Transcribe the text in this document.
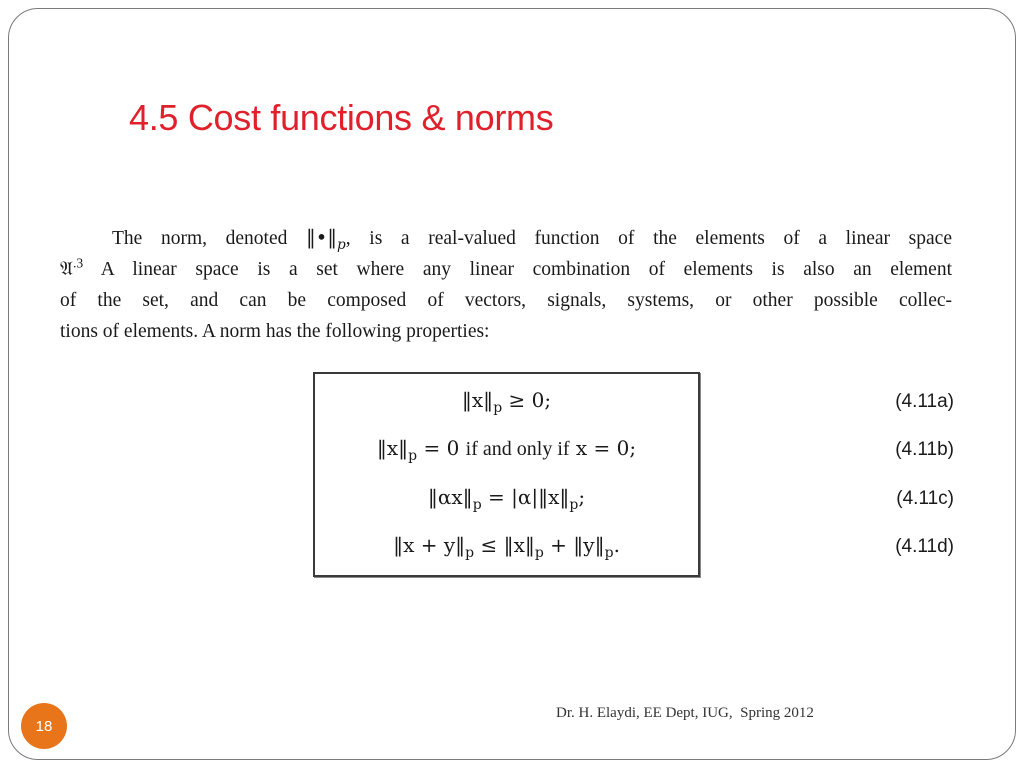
4.5 Cost functions & norms
The norm, denoted $‖•‖_p$, is a real-valued function of the elements of a linear space
𝔄$^{.3}$ A linear space is a set where any linear combination of elements is also an element
of the set, and can be composed of vectors, signals, systems, or other possible collec-
tions of elements. A norm has the following properties:
$‖x‖_p \ge 0$;	(4.11a)
$‖x‖_p = 0$ if and only if x = 0;	(4.11b)
$‖\alpha x‖_p$ = $|\alpha|‖x‖_p$;	(4.11c)
‖x + $y‖_p$ ≤ $‖x‖_p$ + $‖y‖_p$.	(4.11d)
Dr. H. Elaydi, EE Dept, IUG,  Spring 2012
18
